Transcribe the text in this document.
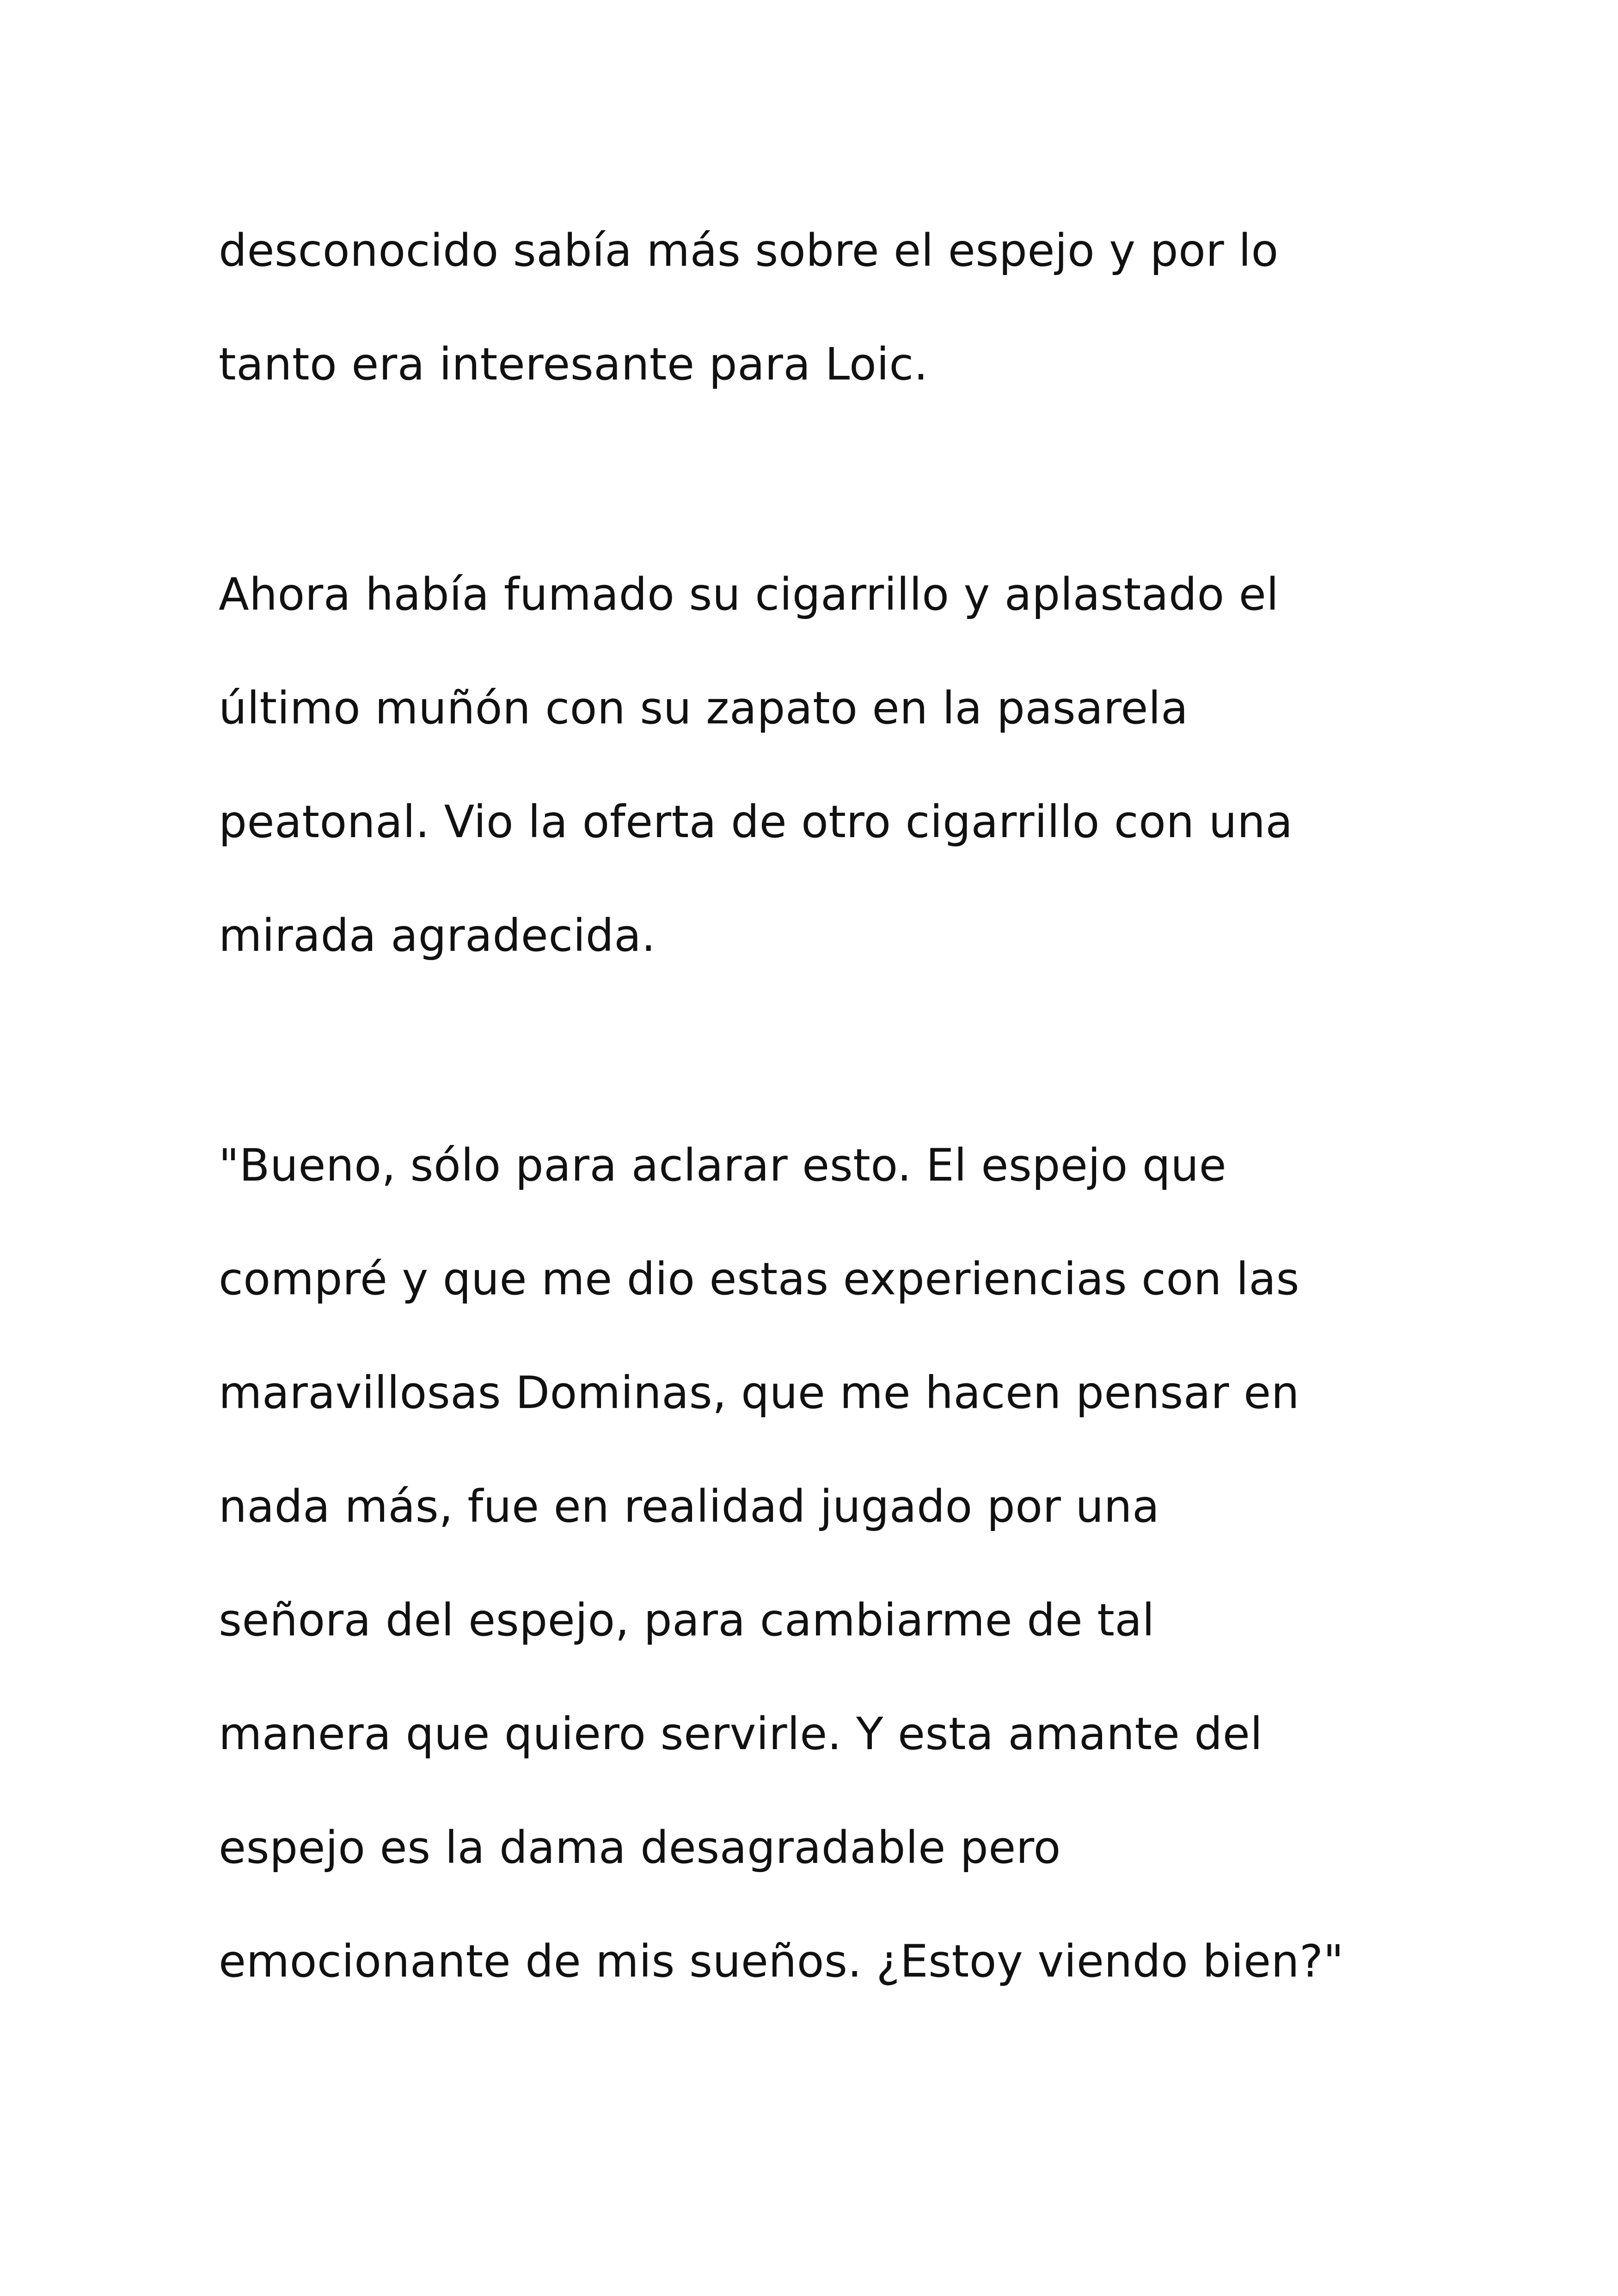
desconocido sabía más sobre el espejo y por lo
tanto era interesante para Loic.
Ahora había fumado su cigarrillo y aplastado el
último muñón con su zapato en la pasarela
peatonal. Vio la oferta de otro cigarrillo con una
mirada agradecida.
"Bueno, sólo para aclarar esto. El espejo que
compré y que me dio estas experiencias con las
maravillosas Dominas, que me hacen pensar en
nada más, fue en realidad jugado por una
señora del espejo, para cambiarme de tal
manera que quiero servirle. Y esta amante del
espejo es la dama desagradable pero
emocionante de mis sueños. ¿Estoy viendo bien?"
